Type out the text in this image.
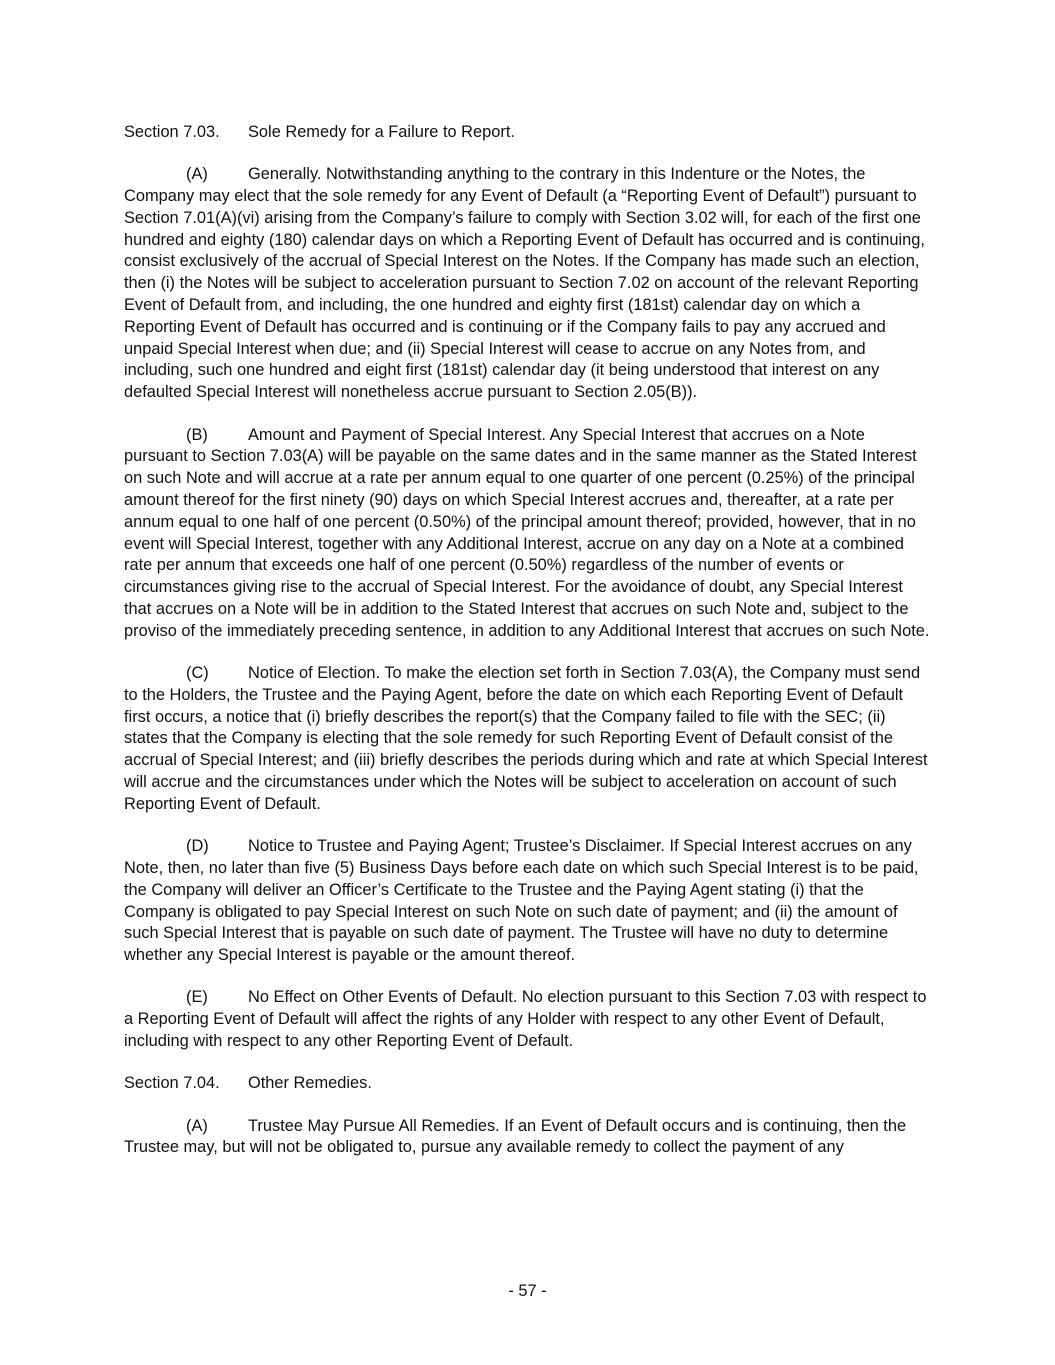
Section 7.03. Sole Remedy for a Failure to Report.

(A) Generally. Notwithstanding anything to the contrary in this Indenture or the Notes, the Company may elect that the sole remedy for any Event of Default (a “Reporting Event of Default”) pursuant to Section 7.01(A)(vi) arising from the Company’s failure to comply with Section 3.02 will, for each of the first one hundred and eighty (180) calendar days on which a Reporting Event of Default has occurred and is continuing, consist exclusively of the accrual of Special Interest on the Notes. If the Company has made such an election, then (i) the Notes will be subject to acceleration pursuant to Section 7.02 on account of the relevant Reporting Event of Default from, and including, the one hundred and eighty first (181st) calendar day on which a Reporting Event of Default has occurred and is continuing or if the Company fails to pay any accrued and unpaid Special Interest when due; and (ii) Special Interest will cease to accrue on any Notes from, and including, such one hundred and eight first (181st) calendar day (it being understood that interest on any defaulted Special Interest will nonetheless accrue pursuant to Section 2.05(B)).

(B) Amount and Payment of Special Interest. Any Special Interest that accrues on a Note pursuant to Section 7.03(A) will be payable on the same dates and in the same manner as the Stated Interest on such Note and will accrue at a rate per annum equal to one quarter of one percent (0.25%) of the principal amount thereof for the first ninety (90) days on which Special Interest accrues and, thereafter, at a rate per annum equal to one half of one percent (0.50%) of the principal amount thereof; provided, however, that in no event will Special Interest, together with any Additional Interest, accrue on any day on a Note at a combined rate per annum that exceeds one half of one percent (0.50%) regardless of the number of events or circumstances giving rise to the accrual of Special Interest. For the avoidance of doubt, any Special Interest that accrues on a Note will be in addition to the Stated Interest that accrues on such Note and, subject to the proviso of the immediately preceding sentence, in addition to any Additional Interest that accrues on such Note.

(C) Notice of Election. To make the election set forth in Section 7.03(A), the Company must send to the Holders, the Trustee and the Paying Agent, before the date on which each Reporting Event of Default first occurs, a notice that (i) briefly describes the report(s) that the Company failed to file with the SEC; (ii) states that the Company is electing that the sole remedy for such Reporting Event of Default consist of the accrual of Special Interest; and (iii) briefly describes the periods during which and rate at which Special Interest will accrue and the circumstances under which the Notes will be subject to acceleration on account of such Reporting Event of Default.

(D) Notice to Trustee and Paying Agent; Trustee’s Disclaimer. If Special Interest accrues on any Note, then, no later than five (5) Business Days before each date on which such Special Interest is to be paid, the Company will deliver an Officer’s Certificate to the Trustee and the Paying Agent stating (i) that the Company is obligated to pay Special Interest on such Note on such date of payment; and (ii) the amount of such Special Interest that is payable on such date of payment. The Trustee will have no duty to determine whether any Special Interest is payable or the amount thereof.

(E) No Effect on Other Events of Default. No election pursuant to this Section 7.03 with respect to a Reporting Event of Default will affect the rights of any Holder with respect to any other Event of Default, including with respect to any other Reporting Event of Default.

Section 7.04. Other Remedies.

(A) Trustee May Pursue All Remedies. If an Event of Default occurs and is continuing, then the Trustee may, but will not be obligated to, pursue any available remedy to collect the payment of any

- 57 -
